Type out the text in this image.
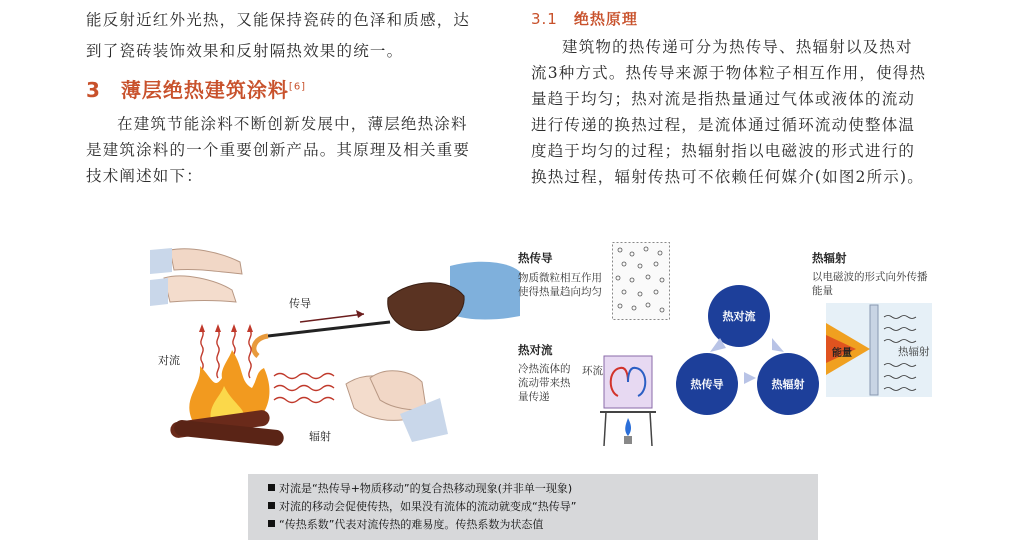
能反射近红外光热，又能保持瓷砖的色泽和质感，达

到了瓷砖装饰效果和反射隔热效果的统一。

3 薄层绝热建筑涂料[6]

在建筑节能涂料不断创新发展中，薄层绝热涂料

是建筑涂料的一个重要创新产品。其原理及相关重要

技术阐述如下：

3.1 绝热原理

建筑物的热传递可分为热传导、热辐射以及热对

流3种方式。热传导来源于物体粒子相互作用，使得热

量趋于均匀；热对流是指热量通过气体或液体的流动

进行传递的换热过程，是流体通过循环流动使整体温

度趋于均匀的过程；热辐射指以电磁波的形式进行的

换热过程，辐射传热可不依赖任何媒介(如图2所示)。

传导
对流
辐射
热传导
物质微粒相互作用
使得热量趋向均匀
热对流
冷热流体的
流动带来热
量传递
环流
热对流
热传导	热辐射
热辐射
以电磁波的形式向外传播
能量
能量	热辐射
对流是“热传导+物质移动”的复合热移动现象(并非单一现象)
对流的移动会促使传热，如果没有流体的流动就变成“热传导”
“传热系数”代表对流传热的难易度。传热系数为状态值
